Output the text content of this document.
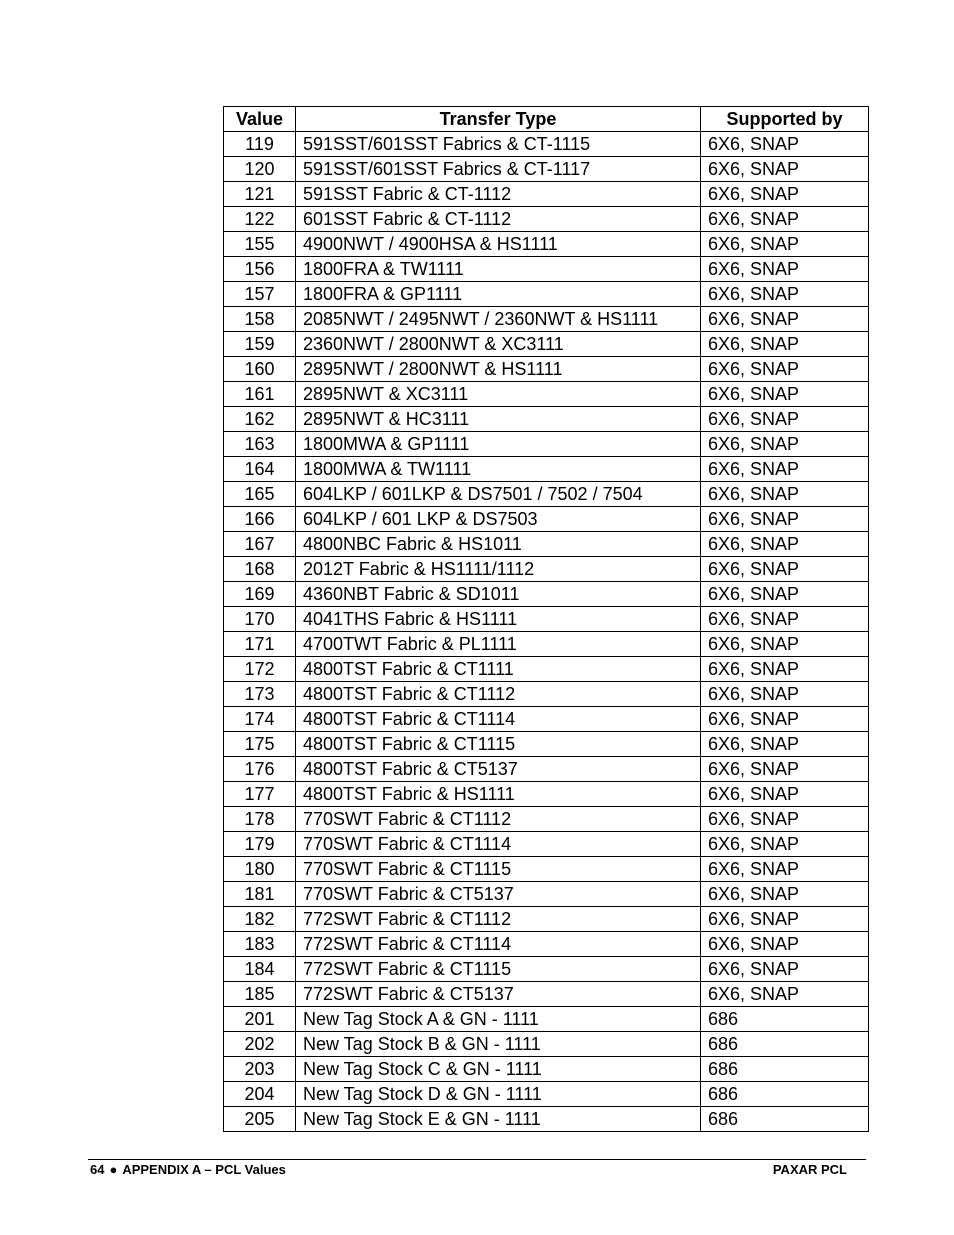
Value	Transfer Type	Supported by
119	591SST/601SST Fabrics & CT-1115	6X6, SNAP
120	591SST/601SST Fabrics & CT-1117	6X6, SNAP
121	591SST Fabric & CT-1112	6X6, SNAP
122	601SST Fabric & CT-1112	6X6, SNAP
155	4900NWT / 4900HSA & HS1111	6X6, SNAP
156	1800FRA & TW1111	6X6, SNAP
157	1800FRA & GP1111	6X6, SNAP
158	2085NWT / 2495NWT / 2360NWT & HS1111	6X6, SNAP
159	2360NWT / 2800NWT & XC3111	6X6, SNAP
160	2895NWT / 2800NWT & HS1111	6X6, SNAP
161	2895NWT & XC3111	6X6, SNAP
162	2895NWT & HC3111	6X6, SNAP
163	1800MWA & GP1111	6X6, SNAP
164	1800MWA & TW1111	6X6, SNAP
165	604LKP / 601LKP & DS7501 / 7502 / 7504	6X6, SNAP
166	604LKP / 601 LKP & DS7503	6X6, SNAP
167	4800NBC Fabric & HS1011	6X6, SNAP
168	2012T Fabric & HS1111/1112	6X6, SNAP
169	4360NBT Fabric & SD1011	6X6, SNAP
170	4041THS Fabric & HS1111	6X6, SNAP
171	4700TWT Fabric & PL1111	6X6, SNAP
172	4800TST Fabric & CT1111	6X6, SNAP
173	4800TST Fabric & CT1112	6X6, SNAP
174	4800TST Fabric & CT1114	6X6, SNAP
175	4800TST Fabric & CT1115	6X6, SNAP
176	4800TST Fabric & CT5137	6X6, SNAP
177	4800TST Fabric & HS1111	6X6, SNAP
178	770SWT Fabric & CT1112	6X6, SNAP
179	770SWT Fabric & CT1114	6X6, SNAP
180	770SWT Fabric & CT1115	6X6, SNAP
181	770SWT Fabric & CT5137	6X6, SNAP
182	772SWT Fabric & CT1112	6X6, SNAP
183	772SWT Fabric & CT1114	6X6, SNAP
184	772SWT Fabric & CT1115	6X6, SNAP
185	772SWT Fabric & CT5137	6X6, SNAP
201	New Tag Stock A & GN - 1111	686
202	New Tag Stock B & GN - 1111	686
203	New Tag Stock C & GN - 1111	686
204	New Tag Stock D & GN - 1111	686
205	New Tag Stock E & GN - 1111	686
64 ● APPENDIX A – PCL Values	PAXAR PCL
